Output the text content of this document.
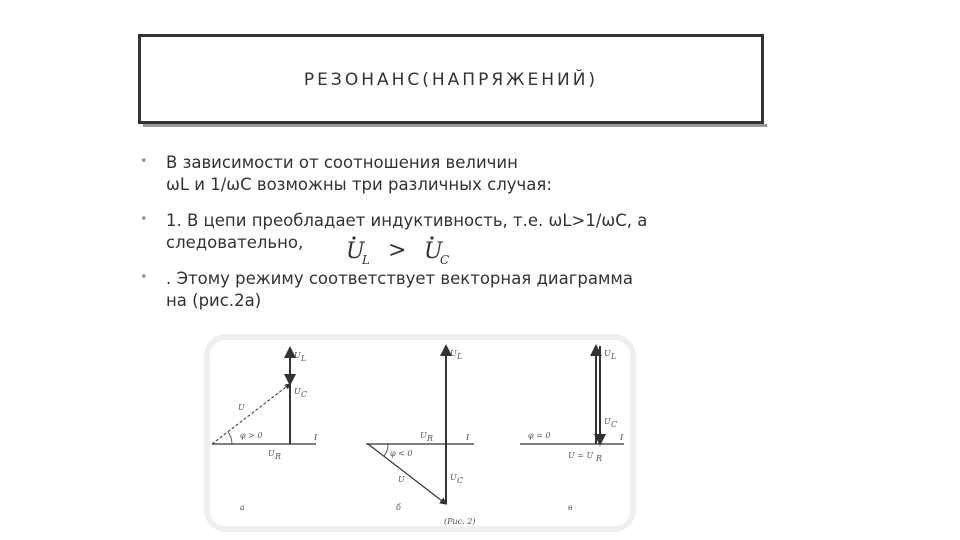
РЕЗОНАНС(НАПРЯЖЕНИЙ)
• В зависимости от соотношения величин
ωL и 1/ωC возможны три различных случая:
• 1. В цепи преобладает индуктивность, т.е. ωL>1/ωC, а
следовательно,	U
L > U
C
• . Этому режиму соответствует векторная диаграмма
на (рис.2а)
U L
U C
U
φ > 0	I
U R
a
U L
U R	I
φ < 0
U	U C
б
(Рис. 2)
U L
U C
φ = 0	I
U = U R
в
